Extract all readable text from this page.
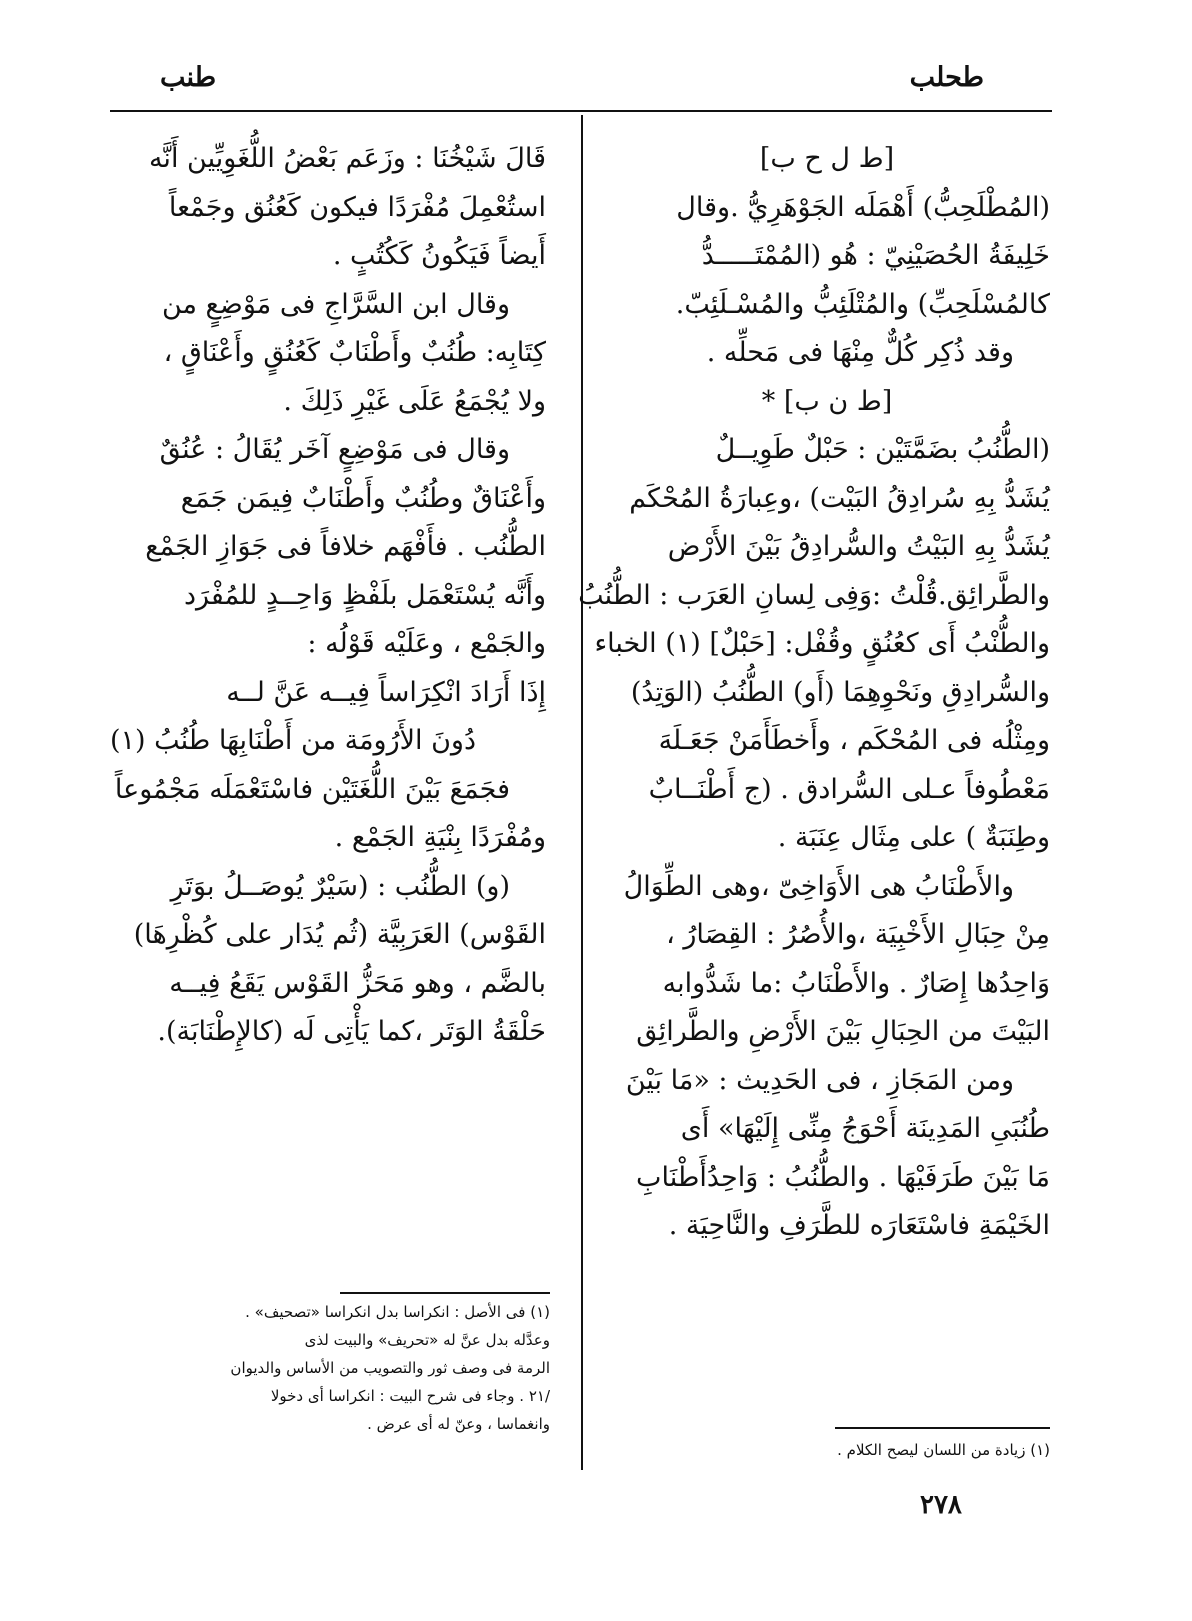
طنب	طحلب
[ط ل ح ب]
(المُطْلَحِبُّ) أَهْمَلَه الجَوْهَرِيُّ .وقال
خَلِيفَةُ الحُصَيْنِيّ : هُو (المُمْتَـــــدُّ
كالمُسْلَحِبِّ) والمُتْلَئِبُّ والمُسْـلَئِبّ.
وقد ذُكِر كُلٌّ مِنْهَا فى مَحلِّه .
[ط ن ب] *
(الطُّنُبُ بضَمَّتَيْن : حَبْلٌ طَوِيــلٌ
يُشَدُّ بِهِ سُرادِقُ البَيْت) ،وعِبارَةُ المُحْكَم
يُشَدُّ بِهِ البَيْتُ والسُّرادِقُ بَيْنَ الأَرْض
والطَّرائِق.قُلْتُ :وَفِى لِسانِ العَرَب : الطُّنُبُ
والطُّنْبُ أَى كعُنُقٍ وقُفْل: [حَبْلٌ] (١) الخباء
والسُّرادِقِ ونَحْوِهِمَا (أَو) الطُّنُبُ (الوَتِدُ)
ومِثْلُه فى المُحْكَم ، وأَخطَأَمَنْ جَعَـلَهَ
مَعْطُوفاً عـلى السُّرادق . (ج أَطْنَــابٌ
وطِنَبَةٌ ) على مِثَال عِنَبَة .
والأَطْنَابُ هى الأَوَاخِىّ ،وهى الطِّوَالُ
مِنْ حِبَالِ الأَخْبِيَة ،والأُصُرُ : القِصَارُ ،
وَاحِدُها إِصَارٌ . والأَطْنَابُ :ما شَدُّوابه
البَيْتَ من الحِبَالِ بَيْنَ الأَرْضِ والطَّرائِق
ومن المَجَازِ ، فى الحَدِيث : «مَا بَيْنَ
طُنُبَىِ المَدِينَة أَحْوَجُ مِنِّى إِلَيْهَا» أَى
مَا بَيْنَ طَرَفَيْهَا . والطُّنُبُ : وَاحِدُأَطْنَابِ
الخَيْمَةِ فاسْتَعَارَه للطَّرَفِ والنَّاحِيَة .
قَالَ شَيْخُنَا : وزَعَم بَعْضُ اللُّغَوِيِّين أَنَّه
استُعْمِلَ مُفْرَدًا فيكون كَعُنُق وجَمْعاً
أَيضاً فَيَكُونُ كَكُتُبٍ .
وقال ابن السَّرَّاجِ فى مَوْضِعٍ من
كِتَابِه: طُنُبٌ وأَطْنَابٌ كَعُنُقٍ وأَعْنَاقٍ ،
ولا يُجْمَعُ عَلَى غَيْرِ ذَلِكَ .
وقال فى مَوْضِعٍ آخَر يُقَالُ : عُنُقٌ
وأَعْنَاقٌ وطُنُبٌ وأَطْنَابٌ فِيمَن جَمَع
الطُّنُب . فأَفْهَم خلافاً فى جَوَازِ الجَمْع
وأَنَّه يُسْتَعْمَل بلَفْظٍ وَاحِــدٍ للمُفْرَد
والجَمْع ، وعَلَيْه قَوْلُه :
إِذَا أَرَادَ انْكِرَاساً فِيــه عَنَّ لــه
دُونَ الأَرُومَة من أَطْنَابِهَا طُنُبُ (١)
فجَمَعَ بَيْنَ اللُّغَتَيْن فاسْتَعْمَلَه مَجْمُوعاً
ومُفْرَدًا بِنْيَةِ الجَمْع .
(و) الطُّنُب : (سَيْرٌ يُوصَــلُ بوَتَرِ
القَوْس) العَرَبِيَّة (ثُم يُدَار على كُظْرِهَا)
بالضَّم ، وهو مَحَزُّ القَوْس يَقَعُ فِيــه
حَلْقَةُ الوَتَر ،كما يَأْتِى لَه (كالإِطْنَابَة).
(١) فى الأصل : انكراسا بدل انكراسا «تصحيف» .
وعدَّله بدل عنَّ له «تحريف» والبيت لذى
الرمة فى وصف ثور والتصويب من الأساس والديوان
/٢١ . وجاء فى شرح البيت : انكراسا أى دخولا
وانغماسا ، وعنّ له أى عرض .
(١) زيادة من اللسان ليصح الكلام .
٢٧٨
